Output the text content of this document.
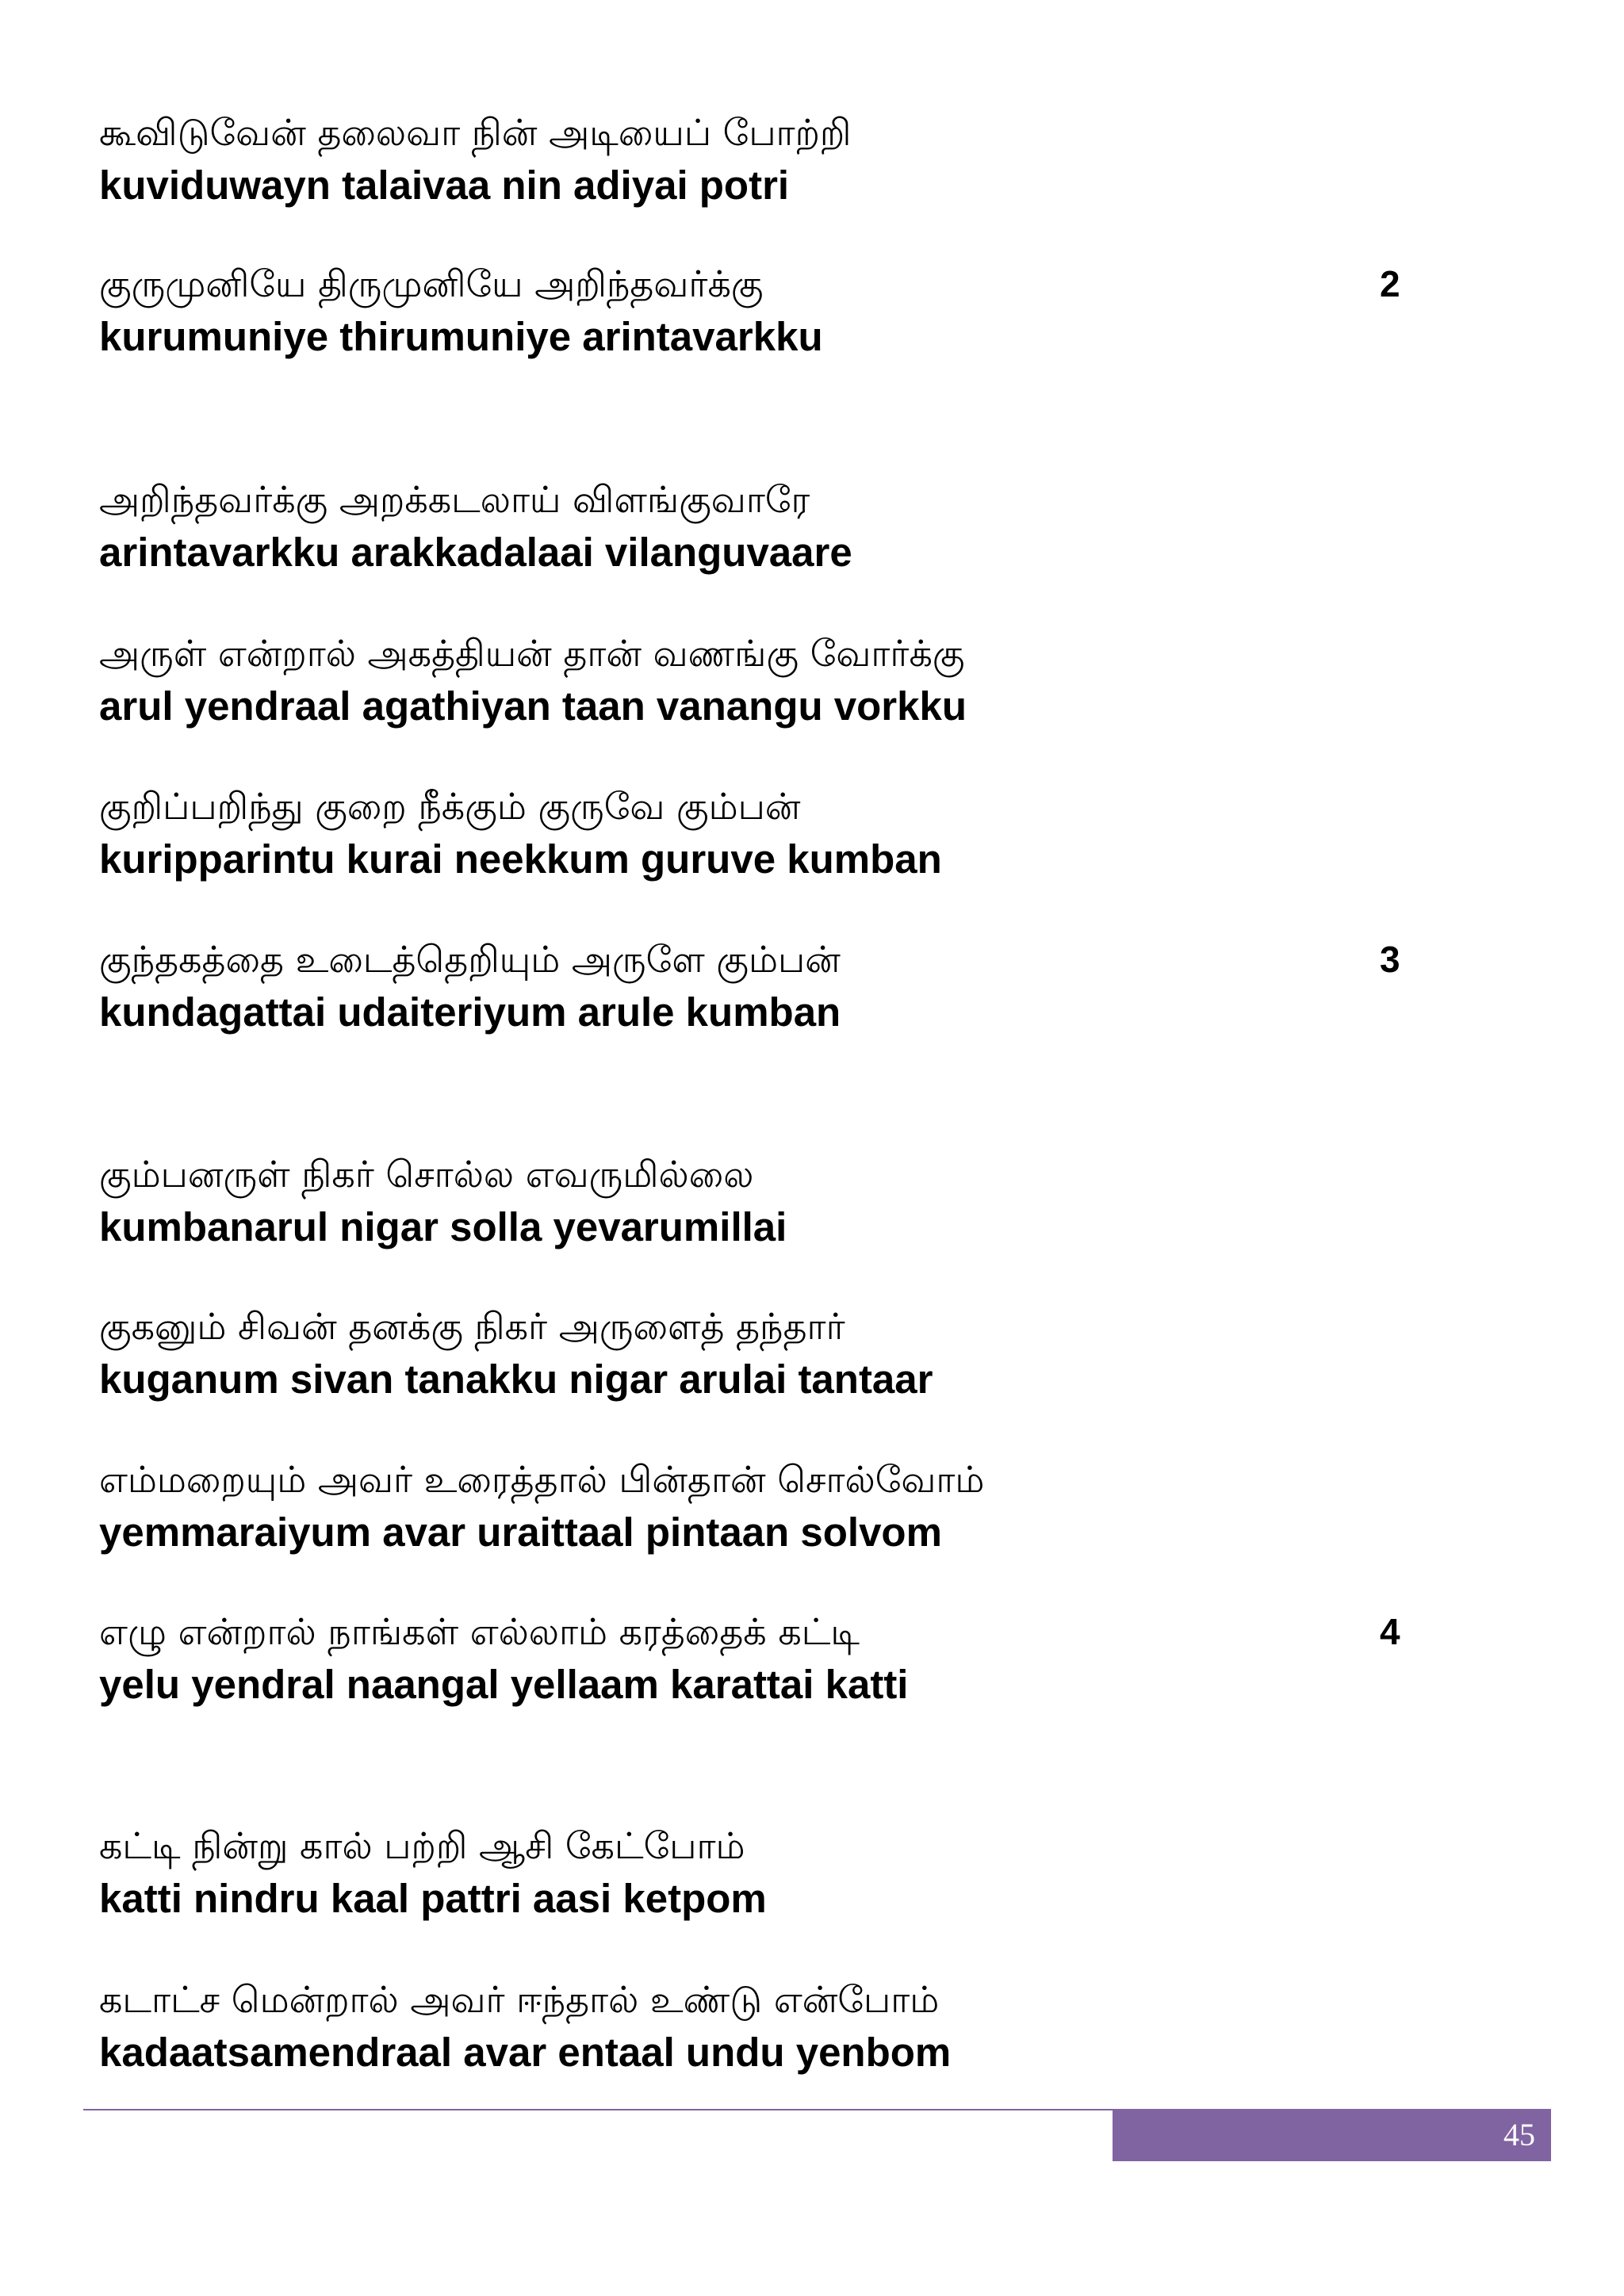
கூவிடுவேன் தலைவா நின் அடியைப் போற்றி
kuviduwayn talaivaa nin adiyai potri
குருமுனியே திருமுனியே அறிந்தவர்க்கு
kurumuniye thirumuniye arintavarkku
2
அறிந்தவர்க்கு அறக்கடலாய் விளங்குவாரே
arintavarkku arakkadalaai vilanguvaare
அருள் என்றால் அகத்தியன் தான் வணங்கு வோர்க்கு
arul yendraal agathiyan taan vanangu vorkku
குறிப்பறிந்து குறை நீக்கும் குருவே கும்பன்
kuripparintu kurai neekkum guruve kumban
குந்தகத்தை உடைத்தெறியும் அருளே கும்பன்
kundagattai udaiteriyum arule kumban
3
கும்பனருள் நிகர் சொல்ல எவருமில்லை
kumbanarul nigar solla yevarumillai
குகனும் சிவன் தனக்கு நிகர் அருளைத் தந்தார்
kuganum sivan tanakku nigar arulai tantaar
எம்மறையும் அவர் உரைத்தால் பின்தான் சொல்வோம்
yemmaraiyum avar uraittaal pintaan solvom
எழு என்றால் நாங்கள் எல்லாம் கரத்தைக் கட்டி
yelu yendral naangal yellaam karattai katti
4
கட்டி நின்று கால் பற்றி ஆசி கேட்போம்
katti nindru kaal pattri aasi ketpom
கடாட்ச மென்றால் அவர் ஈந்தால் உண்டு என்போம்
kadaatsamendraal avar entaal undu yenbom
45
